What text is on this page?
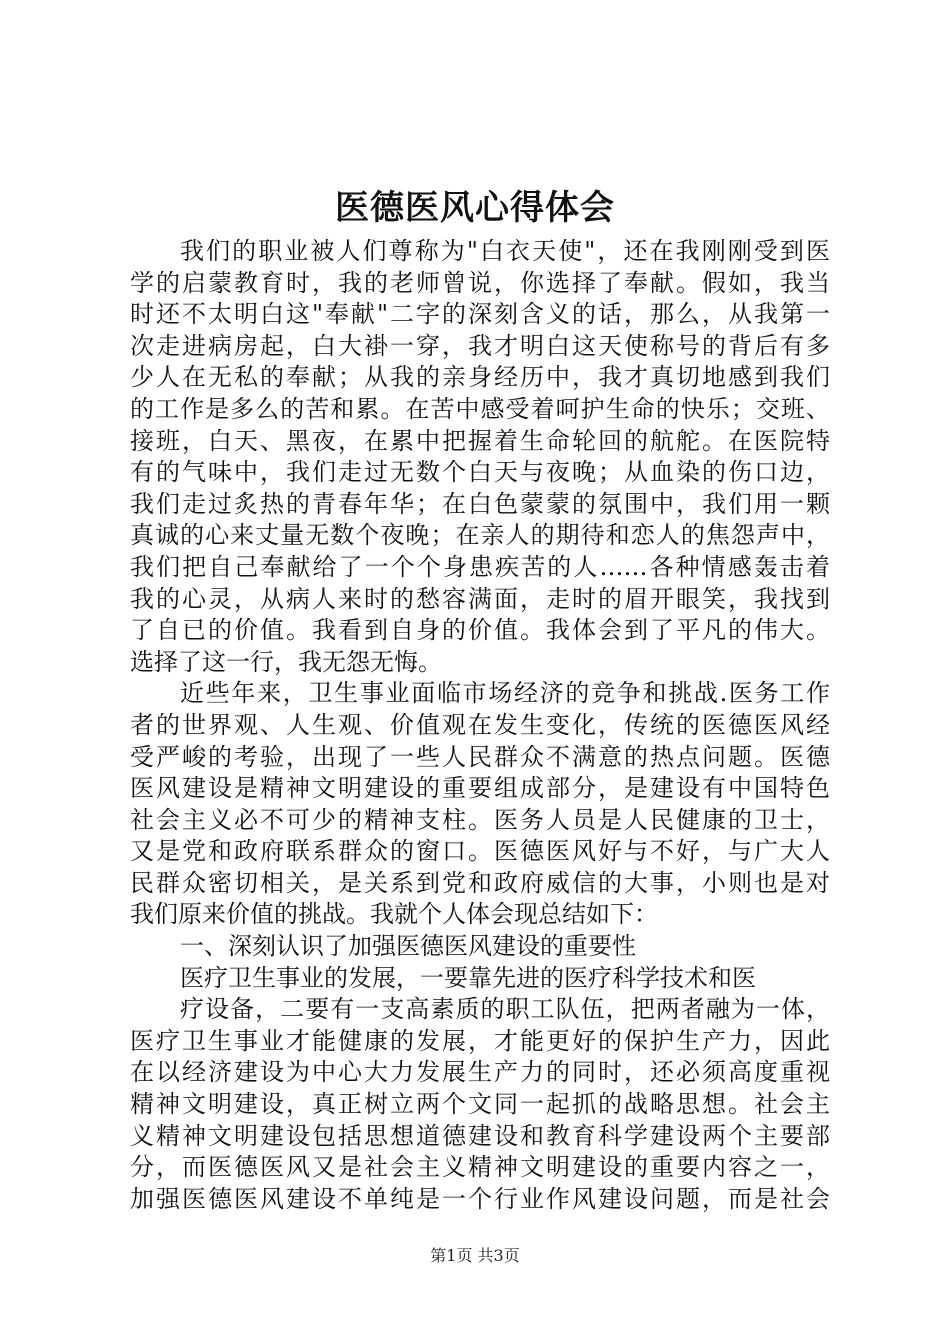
医德医风心得体会
我们的职业被人们尊称为"白衣天使"，还在我刚刚受到医
学的启蒙教育时，我的老师曾说，你选择了奉献。假如，我当
时还不太明白这"奉献"二字的深刻含义的话，那么，从我第一
次走进病房起，白大褂一穿，我才明白这天使称号的背后有多
少人在无私的奉献；从我的亲身经历中，我才真切地感到我们
的工作是多么的苦和累。在苦中感受着呵护生命的快乐；交班、
接班，白天、黑夜，在累中把握着生命轮回的航舵。在医院特
有的气味中，我们走过无数个白天与夜晚；从血染的伤口边，
我们走过炙热的青春年华；在白色蒙蒙的氛围中，我们用一颗
真诚的心来丈量无数个夜晚；在亲人的期待和恋人的焦怨声中，
我们把自己奉献给了一个个身患疾苦的人……各种情感轰击着
我的心灵，从病人来时的愁容满面，走时的眉开眼笑，我找到
了自已的价值。我看到自身的价值。我体会到了平凡的伟大。
选择了这一行，我无怨无悔。
近些年来，卫生事业面临市场经济的竞争和挑战.医务工作
者的世界观、人生观、价值观在发生变化，传统的医德医风经
受严峻的考验，出现了一些人民群众不满意的热点问题。医德
医风建设是精神文明建设的重要组成部分，是建设有中国特色
社会主义必不可少的精神支柱。医务人员是人民健康的卫士，
又是党和政府联系群众的窗口。医德医风好与不好，与广大人
民群众密切相关，是关系到党和政府威信的大事，小则也是对
我们原来价值的挑战。我就个人体会现总结如下：
一、深刻认识了加强医德医风建设的重要性
医疗卫生事业的发展，一要靠先进的医疗科学技术和医
疗设备，二要有一支高素质的职工队伍，把两者融为一体，
医疗卫生事业才能健康的发展，才能更好的保护生产力，因此
在以经济建设为中心大力发展生产力的同时，还必须高度重视
精神文明建设，真正树立两个文同一起抓的战略思想。社会主
义精神文明建设包括思想道德建设和教育科学建设两个主要部
分，而医德医风又是社会主义精神文明建设的重要内容之一，
加强医德医风建设不单纯是一个行业作风建设问题，而是社会
第1页 共3页
